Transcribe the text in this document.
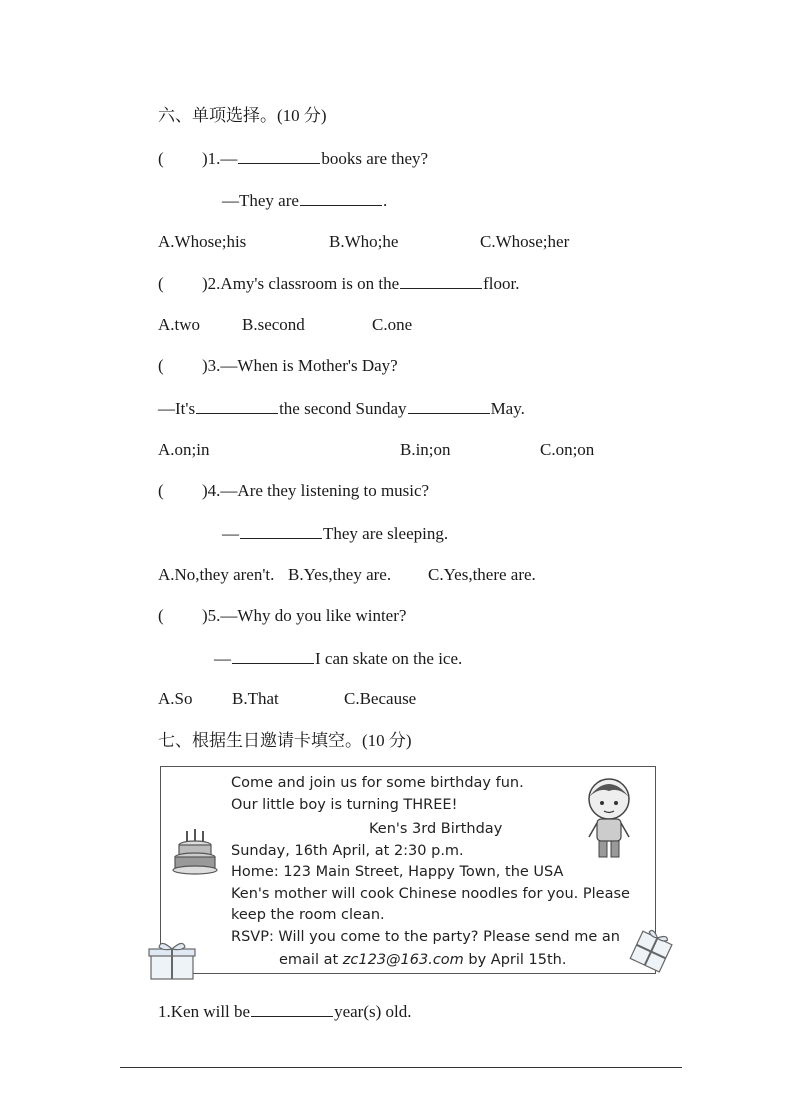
六、单项选择。(10 分)
( )1.—	books are they?
—They are	.
A.Whose;his	B.Who;he	C.Whose;her
( )2.Amy's classroom is on the	floor.
A.two B.second	C.one
( )3.—When is Mother's Day?
—It's	the second Sunday	May.
A.on;in	B.in;on	C.on;on
( )4.—Are they listening to music?
—	They are sleeping.
A.No,they aren't. B.Yes,they are. C.Yes,there are.
( )5.—Why do you like winter?
—	I can skate on the ice.
A.So B.That	C.Because
七、根据生日邀请卡填空。(10 分)
Come and join us for some birthday fun.
Our little boy is turning THREE!
Ken's 3rd Birthday
Sunday, 16th April, at 2:30 p.m.
Home: 123 Main Street, Happy Town, the USA
Ken's mother will cook Chinese noodles for you. Please
keep the room clean.
RSVP: Will you come to the party? Please send me an
email at zc123@163.com by April 15th.
1.Ken will be	year(s) old.
